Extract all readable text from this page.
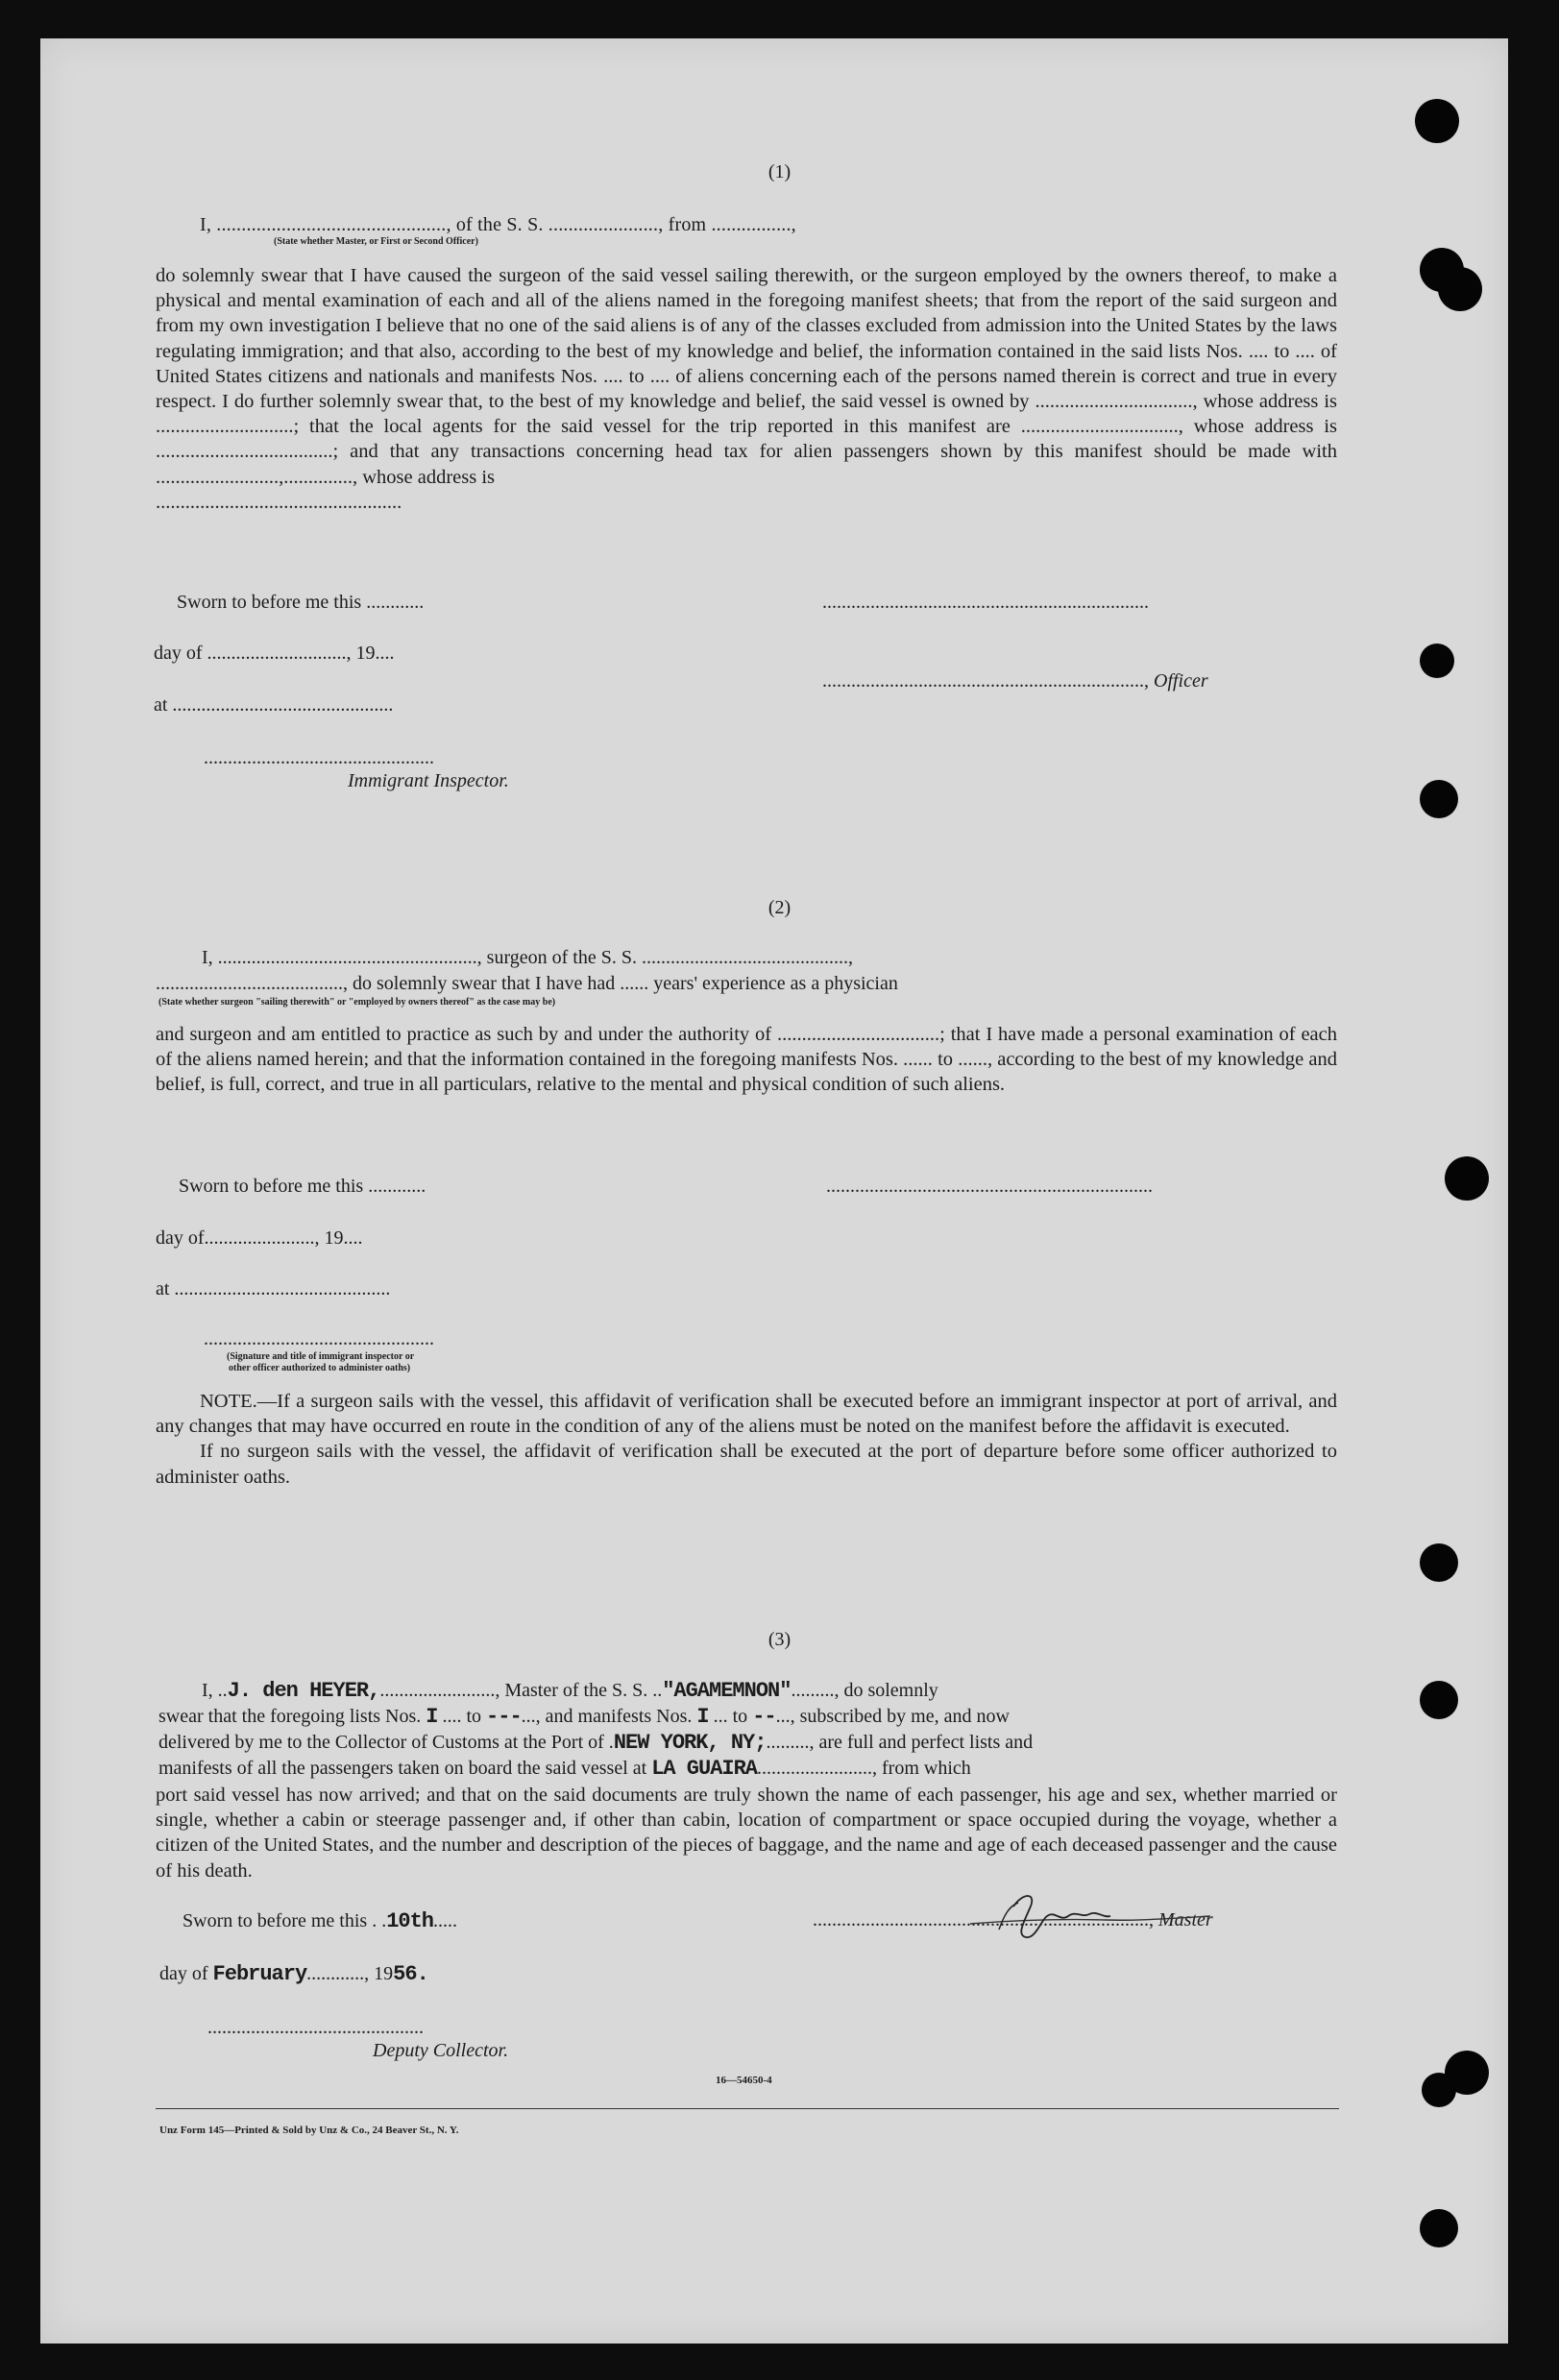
(1)
I, .............................................., of the S. S. ......................, from ................,
(State whether Master, or First or Second Officer)

do solemnly swear that I have caused the surgeon of the said vessel sailing therewith, or the surgeon employed by the owners thereof, to make a physical and mental examination of each and all of the aliens named in the foregoing manifest sheets; that from the report of the said surgeon and from my own investigation I believe that no one of the said aliens is of any of the classes excluded from admission into the United States by the laws regulating immigration; and that also, according to the best of my knowledge and belief, the information contained in the said lists Nos. .... to .... of United States citizens and nationals and manifests Nos. .... to .... of aliens concerning each of the persons named therein is correct and true in every respect. I do further solemnly swear that, to the best of my knowledge and belief, the said vessel is owned by ................................, whose address is ............................; that the local agents for the said vessel for the trip reported in this manifest are ................................, whose address is ....................................; and that any transactions concerning head tax for alien passengers shown by this manifest should be made with .........................,.............., whose address is

..................................................

Sworn to before me this ............	....................................................................
day of ............................., 19....
..................................................................., Officer
at ..............................................
................................................
Immigrant Inspector.
(2)
I, ......................................................, surgeon of the S. S. ...........................................,
......................................., do solemnly swear that I have had ...... years' experience as a physician
(State whether surgeon "sailing therewith" or "employed by owners thereof" as the case may be)

and surgeon and am entitled to practice as such by and under the authority of .................................; that I have made a personal examination of each of the aliens named herein; and that the information contained in the foregoing manifests Nos. ...... to ......, according to the best of my knowledge and belief, is full, correct, and true in all particulars, relative to the mental and physical condition of such aliens.

Sworn to before me this ............	....................................................................
day of......................., 19....
at .............................................
................................................
(Signature and title of immigrant inspector or
other officer authorized to administer oaths)

NOTE.—If a surgeon sails with the vessel, this affidavit of verification shall be executed before an immigrant inspector at port of arrival, and any changes that may have occurred en route in the condition of any of the aliens must be noted on the manifest before the affidavit is executed.

If no surgeon sails with the vessel, the affidavit of verification shall be executed at the port of departure before some officer authorized to administer oaths.

(3)
I, ..J. den HEYER,........................, Master of the S. S. .."AGAMEMNON"........., do solemnly
swear that the foregoing lists Nos. I .... to ---..., and manifests Nos. I ... to --..., subscribed by me, and now
delivered by me to the Collector of Customs at the Port of .NEW YORK, NY;........., are full and perfect lists and
manifests of all the passengers taken on board the said vessel at LA GUAIRA........................, from which

port said vessel has now arrived; and that on the said documents are truly shown the name of each passenger, his age and sex, whether married or single, whether a cabin or steerage passenger and, if other than cabin, location of compartment or space occupied during the voyage, whether a citizen of the United States, and the number and description of the pieces of baggage, and the name and age of each deceased passenger and the cause of his death.

Sworn to before me this . .10th.....	......................................................................, Master
day of February............, 1956.
.............................................
Deputy Collector.
16—54650-4
Unz Form 145—Printed & Sold by Unz & Co., 24 Beaver St., N. Y.
